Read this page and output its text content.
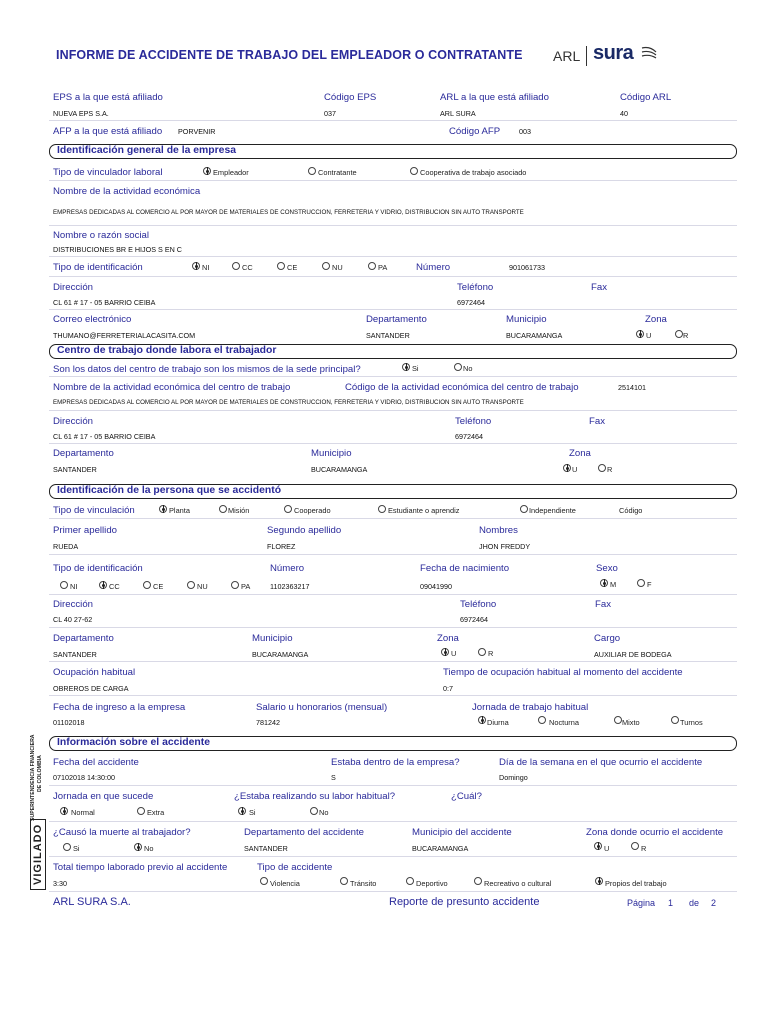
INFORME DE ACCIDENTE DE TRABAJO DEL EMPLEADOR O CONTRATANTE ARL sura
EPS a la que está afiliado
NUEVA EPS S.A.
Código EPS
037
ARL a la que está afiliado
ARL SURA
Código ARL
40
AFP a la que está afiliado PORVENIR	Código AFP	003
Identificación general de la empresa
Tipo de vinculador laboral	Empleador	Contratante	Cooperativa de trabajo asociado
Nombre de la actividad económica
EMPRESAS DEDICADAS AL COMERCIO AL POR MAYOR DE MATERIALES DE CONSTRUCCION, FERRETERIA Y VIDRIO, DISTRIBUCION SIN AUTO TRANSPORTE
Nombre o razón social
DISTRIBUCIONES BR E HIJOS S EN C
Tipo de identificación	NI	CC	CE	NU	PA	Número	901061733
Dirección
CL 61 # 17 - 05 BARRIO CEIBA
Teléfono
6972464
Fax
Correo electrónico
THUMANO@FERRETERIALACASITA.COM
Departamento
SANTANDER
Municipio
BUCARAMANGA
Zona
U	R
Centro de trabajo donde labora el trabajador
Son los datos del centro de trabajo son los mismos de la sede principal?	Si	No
Nombre de la actividad económica del centro de trabajo	Código de la actividad económica del centro de trabajo	2514101
EMPRESAS DEDICADAS AL COMERCIO AL POR MAYOR DE MATERIALES DE CONSTRUCCION, FERRETERIA Y VIDRIO, DISTRIBUCION SIN AUTO TRANSPORTE
Dirección
CL 61 # 17 - 05 BARRIO CEIBA
Teléfono
6972464
Fax
Departamento
SANTANDER
Municipio
BUCARAMANGA
Zona
U	R
Identificación de la persona que se accidentó
Tipo de vinculación	Planta	Misión	Cooperado	Estudiante o aprendiz	Independiente	Código
Primer apellido
RUEDA
Segundo apellido
FLOREZ
Nombres
JHON FREDDY
Tipo de identificación
NI	CC	CE	NU	PA
Número
1102363217
Fecha de nacimiento
09041990
Sexo
M	F
Dirección
CL 40 27-62
Teléfono
6972464
Fax
Departamento
SANTANDER
Municipio
BUCARAMANGA
Zona
U	R
Cargo
AUXILIAR DE BODEGA
Ocupación habitual
OBREROS DE CARGA
Tiempo de ocupación habitual al momento del accidente
0:7
Fecha de ingreso a la empresa
01102018
Salario u honorarios (mensual)
781242
Jornada de trabajo habitual
Diurna	Nocturna	Mixto	Turnos
Información sobre el accidente
Fecha del accidente
07102018 14:30:00
Estaba dentro de la empresa?
S
Día de la semana en el que ocurrio el accidente
Domingo
Jornada en que sucede
Normal	Extra
¿Estaba realizando su labor habitual?
Si	No
¿Cuál?
¿Causó la muerte al trabajador?
Si	No
Departamento del accidente
SANTANDER
Municipio del accidente
BUCARAMANGA
Zona donde ocurrio el accidente
U	R
Total tiempo laborado previo al accidente
3:30
Tipo de accidente
Violencia	Tránsito	Deportivo	Recreativo o cultural	Propios del trabajo
ARL SURA S.A.	Reporte de presunto accidente	Página 1 de 2
VIGILADO
SUPERINTENDENCIA FINANCIERA DE COLOMBIA
